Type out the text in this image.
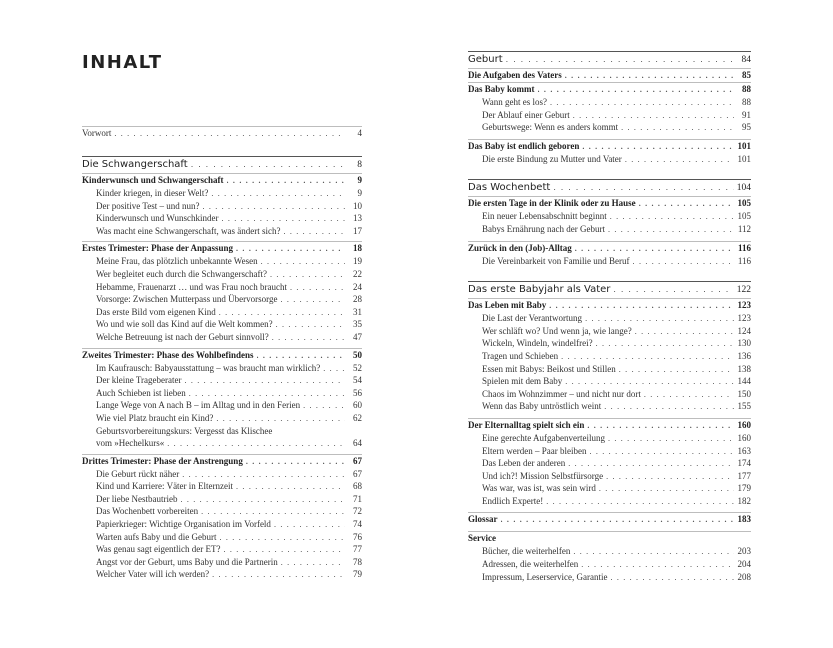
INHALT
Vorwort . . .	4
Die Schwangerschaft . . .	8
Kinderwunsch und Schwangerschaft . . .	9
Kinder kriegen, in dieser Welt? . . .	9
Der positive Test – und nun? . . .	10
Kinderwunsch und Wunschkinder . . .	13
Was macht eine Schwangerschaft, was ändert sich? . . .	17
Erstes Trimester: Phase der Anpassung . . .	18
Meine Frau, das plötzlich unbekannte Wesen . . .	19
Wer begleitet euch durch die Schwangerschaft? . . .	22
Hebamme, Frauenarzt … und was Frau noch braucht . . .	24
Vorsorge: Zwischen Mutterpass und Übervorsorge . . .	28
Das erste Bild vom eigenen Kind . . .	31
Wo und wie soll das Kind auf die Welt kommen? . . .	35
Welche Betreuung ist nach der Geburt sinnvoll? . . .	47
Zweites Trimester: Phase des Wohlbefindens . . .	50
Im Kaufrausch: Babyausstattung – was braucht man wirklich? . . .	52
Der kleine Trageberater . . .	54
Auch Schieben ist lieben . . .	56
Lange Wege von A nach B – im Alltag und in den Ferien . . .	60
Wie viel Platz braucht ein Kind? . . .	62
Geburtsvorbereitungskurs: Vergesst das Klischee
vom »Hechelkurs« . . .	64
Drittes Trimester: Phase der Anstrengung . . .	67
Die Geburt rückt näher . . .	67
Kind und Karriere: Väter in Elternzeit . . .	68
Der liebe Nestbautrieb . . .	71
Das Wochenbett vorbereiten . . .	72
Papierkrieger: Wichtige Organisation im Vorfeld . . .	74
Warten aufs Baby und die Geburt . . .	76
Was genau sagt eigentlich der ET? . . .	77
Angst vor der Geburt, ums Baby und die Partnerin . . .	78
Welcher Vater will ich werden? . . .	79
Geburt . . .	84
Die Aufgaben des Vaters . . .	85
Das Baby kommt . . .	88
Wann geht es los? . . .	88
Der Ablauf einer Geburt . . .	91
Geburtswege: Wenn es anders kommt . . .	95
Das Baby ist endlich geboren . . .	101
Die erste Bindung zu Mutter und Vater . . .	101
Das Wochenbett . . .	104
Die ersten Tage in der Klinik oder zu Hause . . .	105
Ein neuer Lebensabschnitt beginnt . . .	105
Babys Ernährung nach der Geburt . . .	112
Zurück in den (Job)-Alltag . . .	116
Die Vereinbarkeit von Familie und Beruf . . .	116
Das erste Babyjahr als Vater . . .	122
Das Leben mit Baby . . .	123
Die Last der Verantwortung . . .	123
Wer schläft wo? Und wenn ja, wie lange? . . .	124
Wickeln, Windeln, windelfrei? . . .	130
Tragen und Schieben . . .	136
Essen mit Babys: Beikost und Stillen . . .	138
Spielen mit dem Baby . . .	144
Chaos im Wohnzimmer – und nicht nur dort . . .	150
Wenn das Baby untröstlich weint . . .	155
Der Elternalltag spielt sich ein . . .	160
Eine gerechte Aufgabenverteilung . . .	160
Eltern werden – Paar bleiben . . .	163
Das Leben der anderen . . .	174
Und ich?! Mission Selbstfürsorge . . .	177
Was war, was ist, was sein wird . . .	179
Endlich Experte! . . .	182
Glossar . . .	183
Service
Bücher, die weiterhelfen . . .	203
Adressen, die weiterhelfen . . .	204
Impressum, Leserservice, Garantie . . .	208
